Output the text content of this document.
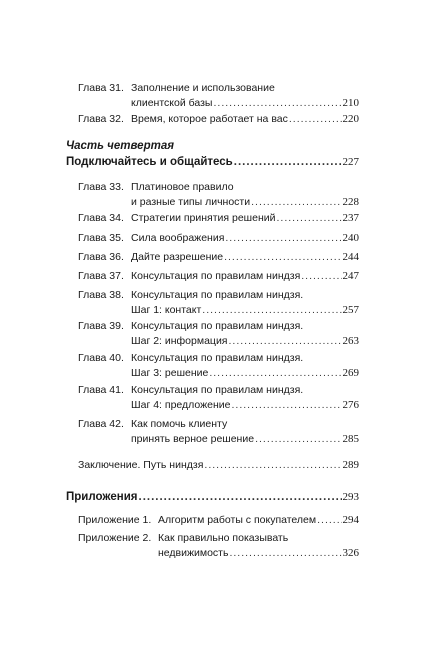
Глава 31. Заполнение и использование
клиентской базы .....	210
Глава 32. Время, которое работает на вас .....	220
Часть четвертая
Подключайтесь и общайтесь .....	227
Глава 33. Платиновое правило
и разные типы личности .....	228
Глава 34. Стратегии принятия решений .....	237
Глава 35. Сила воображения .....	240
Глава 36. Дайте разрешение .....	244
Глава 37. Консультация по правилам ниндзя .....	247
Глава 38. Консультация по правилам ниндзя.
Шаг 1: контакт .....	257
Глава 39. Консультация по правилам ниндзя.
Шаг 2: информация .....	263
Глава 40. Консультация по правилам ниндзя.
Шаг 3: решение .....	269
Глава 41. Консультация по правилам ниндзя.
Шаг 4: предложение .....	276
Глава 42. Как помочь клиенту
принять верное решение .....	285
Заключение. Путь ниндзя .....	289
Приложения .....	293
Приложение 1. Алгоритм работы с покупателем ..... 294
Приложение 2. Как правильно показывать
недвижимость .....	326
